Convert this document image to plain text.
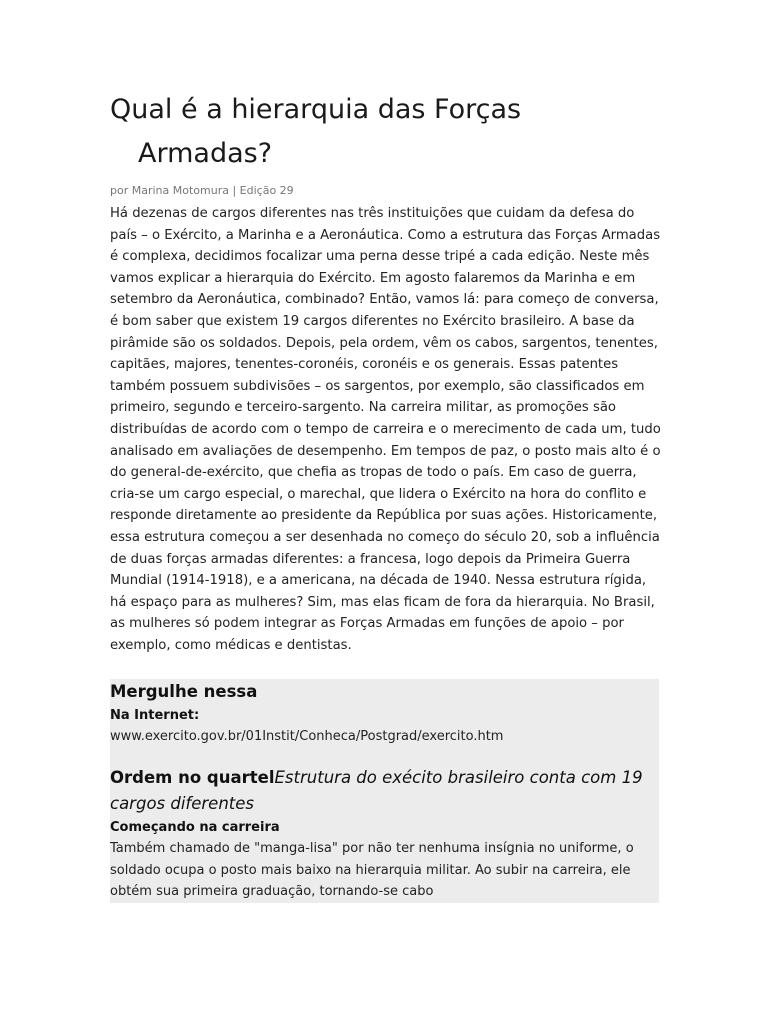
Qual é a hierarquia das Forças
Armadas?
por Marina Motomura | Edição 29

Há dezenas de cargos diferentes nas três instituições que cuidam da defesa do país – o Exército, a Marinha e a Aeronáutica. Como a estrutura das Forças Armadas é complexa, decidimos focalizar uma perna desse tripé a cada edição. Neste mês vamos explicar a hierarquia do Exército. Em agosto falaremos da Marinha e em setembro da Aeronáutica, combinado? Então, vamos lá: para começo de conversa, é bom saber que existem 19 cargos diferentes no Exército brasileiro. A base da pirâmide são os soldados. Depois, pela ordem, vêm os cabos, sargentos, tenentes, capitães, majores, tenentes-coronéis, coronéis e os generais. Essas patentes também possuem subdivisões – os sargentos, por exemplo, são classificados em primeiro, segundo e terceiro-sargento. Na carreira militar, as promoções são distribuídas de acordo com o tempo de carreira e o merecimento de cada um, tudo analisado em avaliações de desempenho. Em tempos de paz, o posto mais alto é o do general-de-exército, que chefia as tropas de todo o país. Em caso de guerra, cria-se um cargo especial, o marechal, que lidera o Exército na hora do conflito e responde diretamente ao presidente da República por suas ações. Historicamente, essa estrutura começou a ser desenhada no começo do século 20, sob a influência de duas forças armadas diferentes: a francesa, logo depois da Primeira Guerra Mundial (1914-1918), e a americana, na década de 1940. Nessa estrutura rígida, há espaço para as mulheres? Sim, mas elas ficam de fora da hierarquia. No Brasil, as mulheres só podem integrar as Forças Armadas em funções de apoio – por exemplo, como médicas e dentistas.

Mergulhe nessa
Na Internet:
www.exercito.gov.br/01Instit/Conheca/Postgrad/exercito.htm
Ordem no quartelEstrutura do exécito brasileiro conta com 19 cargos diferentes
Começando na carreira
Também chamado de "manga-lisa" por não ter nenhuma insígnia no uniforme, o soldado ocupa o posto mais baixo na hierarquia militar. Ao subir na carreira, ele obtém sua primeira graduação, tornando-se cabo
